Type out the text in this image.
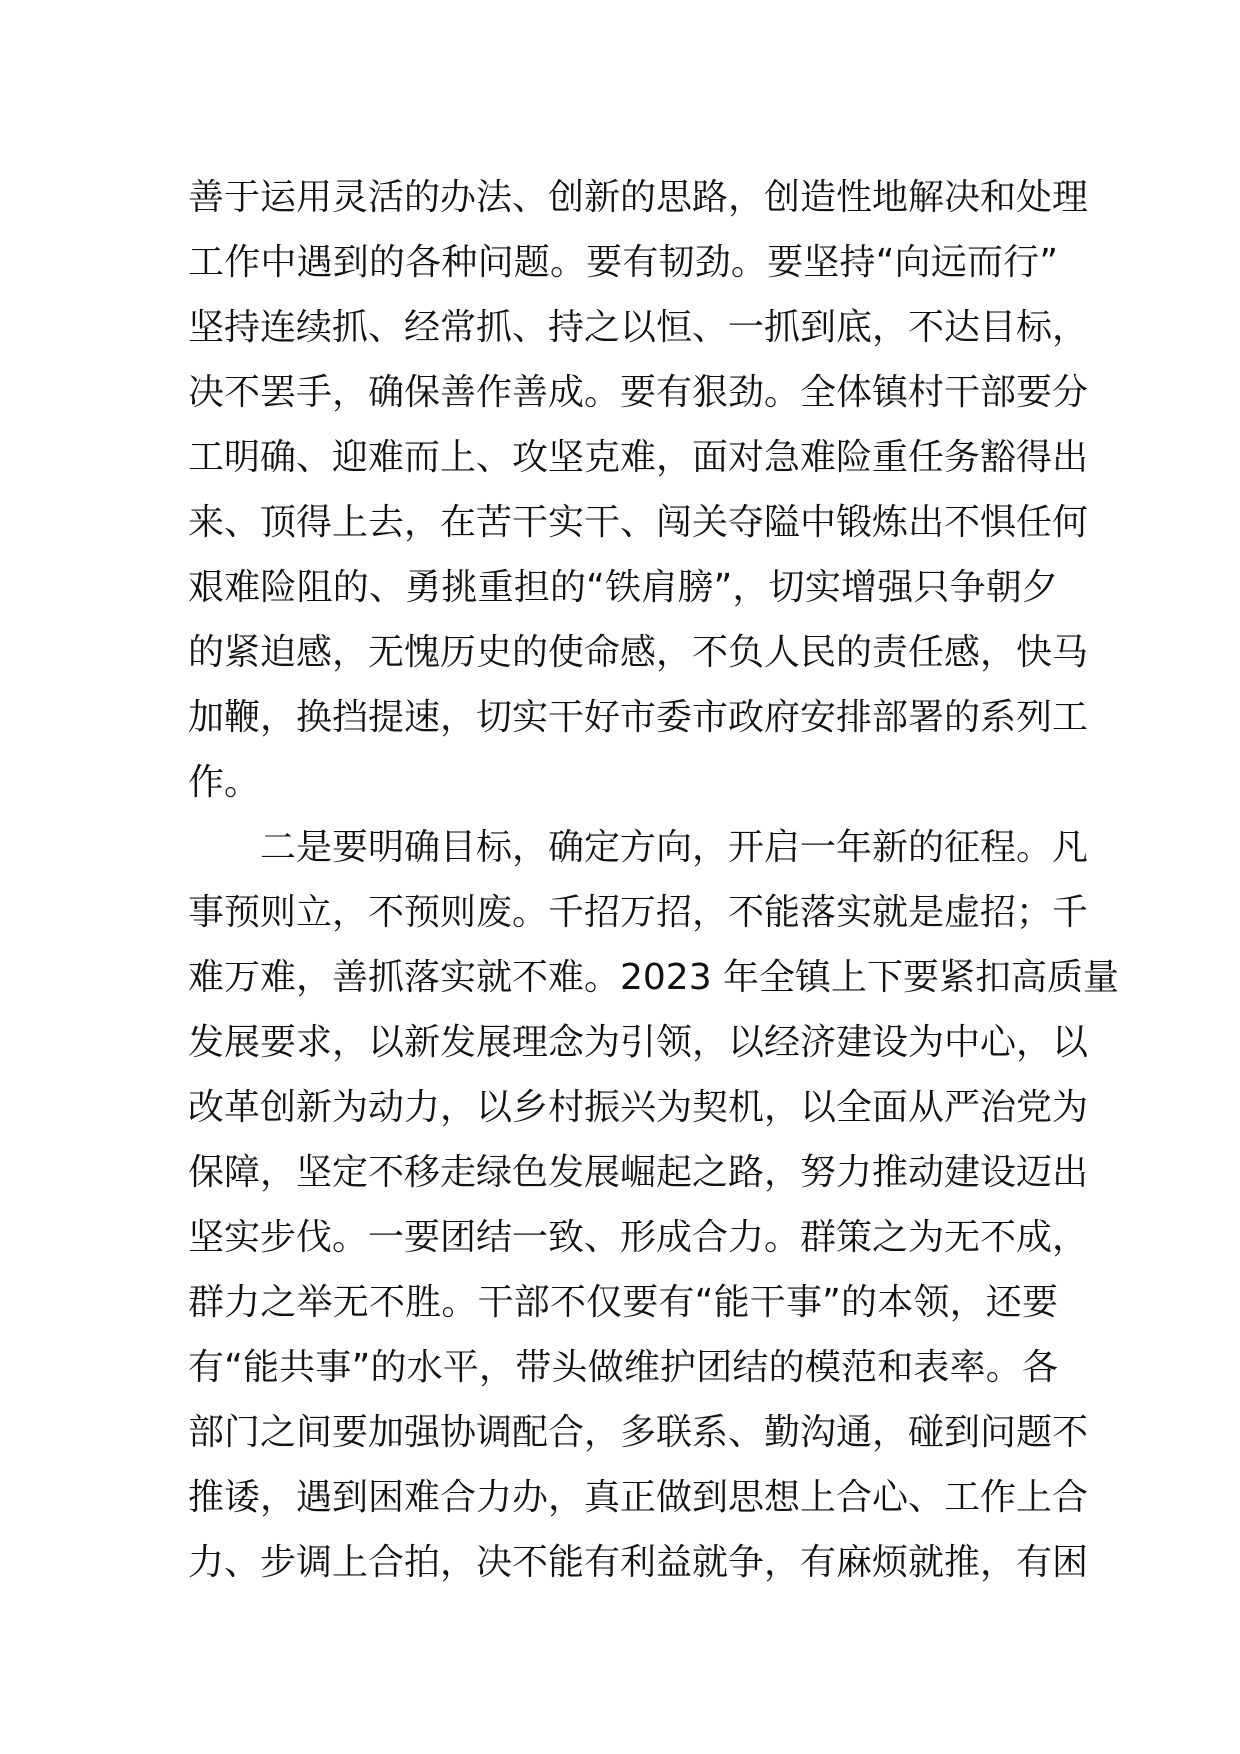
善于运用灵活的办法、创新的思路，创造性地解决和处理
工作中遇到的各种问题。要有韧劲。要坚持“向远而行”
坚持连续抓、经常抓、持之以恒、一抓到底，不达目标，
决不罢手，确保善作善成。要有狠劲。全体镇村干部要分
工明确、迎难而上、攻坚克难，面对急难险重任务豁得出
来、顶得上去，在苦干实干、闯关夺隘中锻炼出不惧任何
艰难险阻的、勇挑重担的“铁肩膀”，切实增强只争朝夕
的紧迫感，无愧历史的使命感，不负人民的责任感，快马
加鞭，换挡提速，切实干好市委市政府安排部署的系列工
作。
二是要明确目标，确定方向，开启一年新的征程。凡
事预则立，不预则废。千招万招，不能落实就是虚招；千
难万难，善抓落实就不难。2023 年全镇上下要紧扣高质量
发展要求，以新发展理念为引领，以经济建设为中心，以
改革创新为动力，以乡村振兴为契机，以全面从严治党为
保障，坚定不移走绿色发展崛起之路，努力推动建设迈出
坚实步伐。一要团结一致、形成合力。群策之为无不成，
群力之举无不胜。干部不仅要有“能干事”的本领，还要
有“能共事”的水平，带头做维护团结的模范和表率。各
部门之间要加强协调配合，多联系、勤沟通，碰到问题不
推诿，遇到困难合力办，真正做到思想上合心、工作上合
力、步调上合拍，决不能有利益就争，有麻烦就推，有困
